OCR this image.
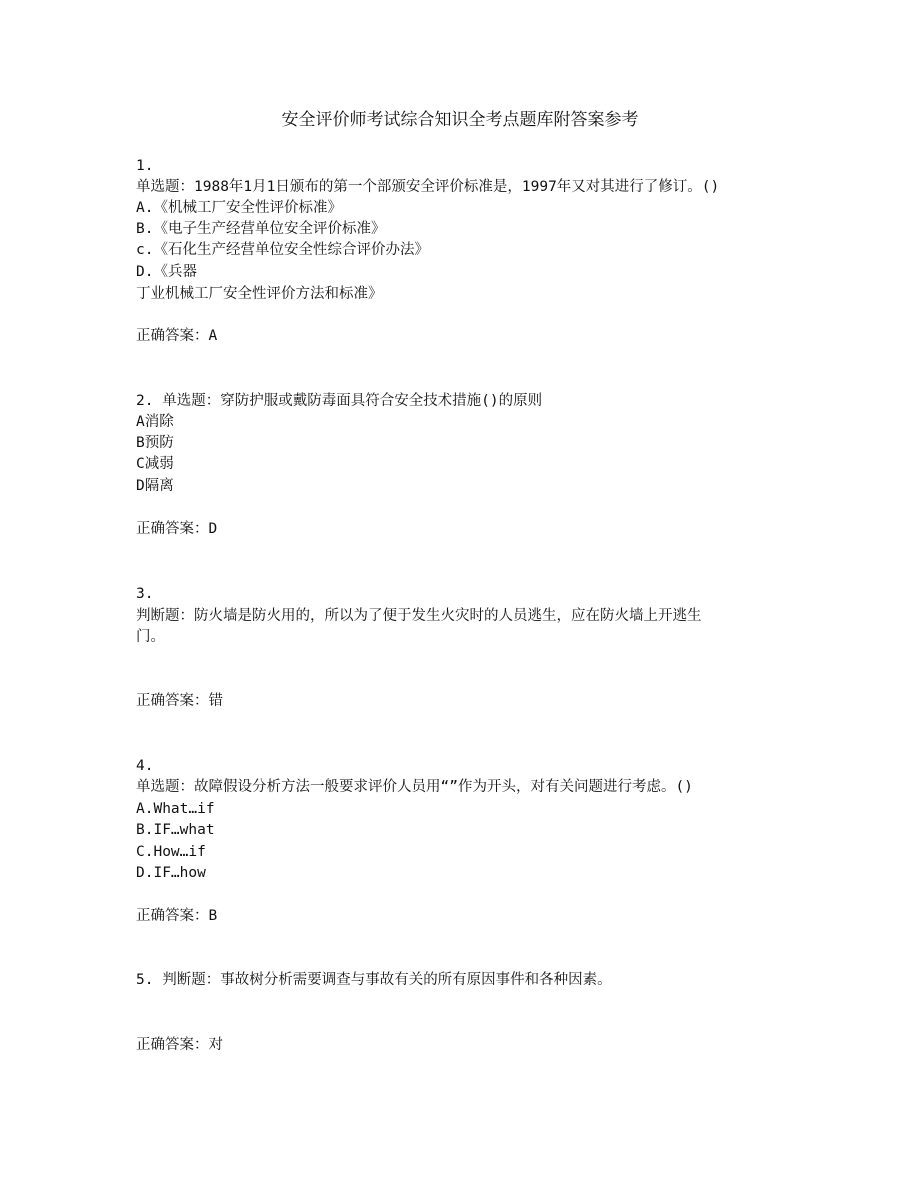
安全评价师考试综合知识全考点题库附答案参考
1.
单选题：1988年1月1日颁布的第一个部颁安全评价标准是，1997年又对其进行了修订。()
A.《机械工厂安全性评价标准》
B.《电子生产经营单位安全评价标准》
c.《石化生产经营单位安全性综合评价办法》
D.《兵器
丁业机械工厂安全性评价方法和标准》
正确答案：A
2. 单选题：穿防护服或戴防毒面具符合安全技术措施()的原则
A消除
B预防
C减弱
D隔离
正确答案：D
3.
判断题：防火墙是防火用的，所以为了便于发生火灾时的人员逃生，应在防火墙上开逃生
门。
正确答案：错
4.
单选题：故障假设分析方法一般要求评价人员用“”作为开头，对有关问题进行考虑。()
A.What…if
B.IF…what
C.How…if
D.IF…how
正确答案：B
5. 判断题：事故树分析需要调查与事故有关的所有原因事件和各种因素。
正确答案：对
